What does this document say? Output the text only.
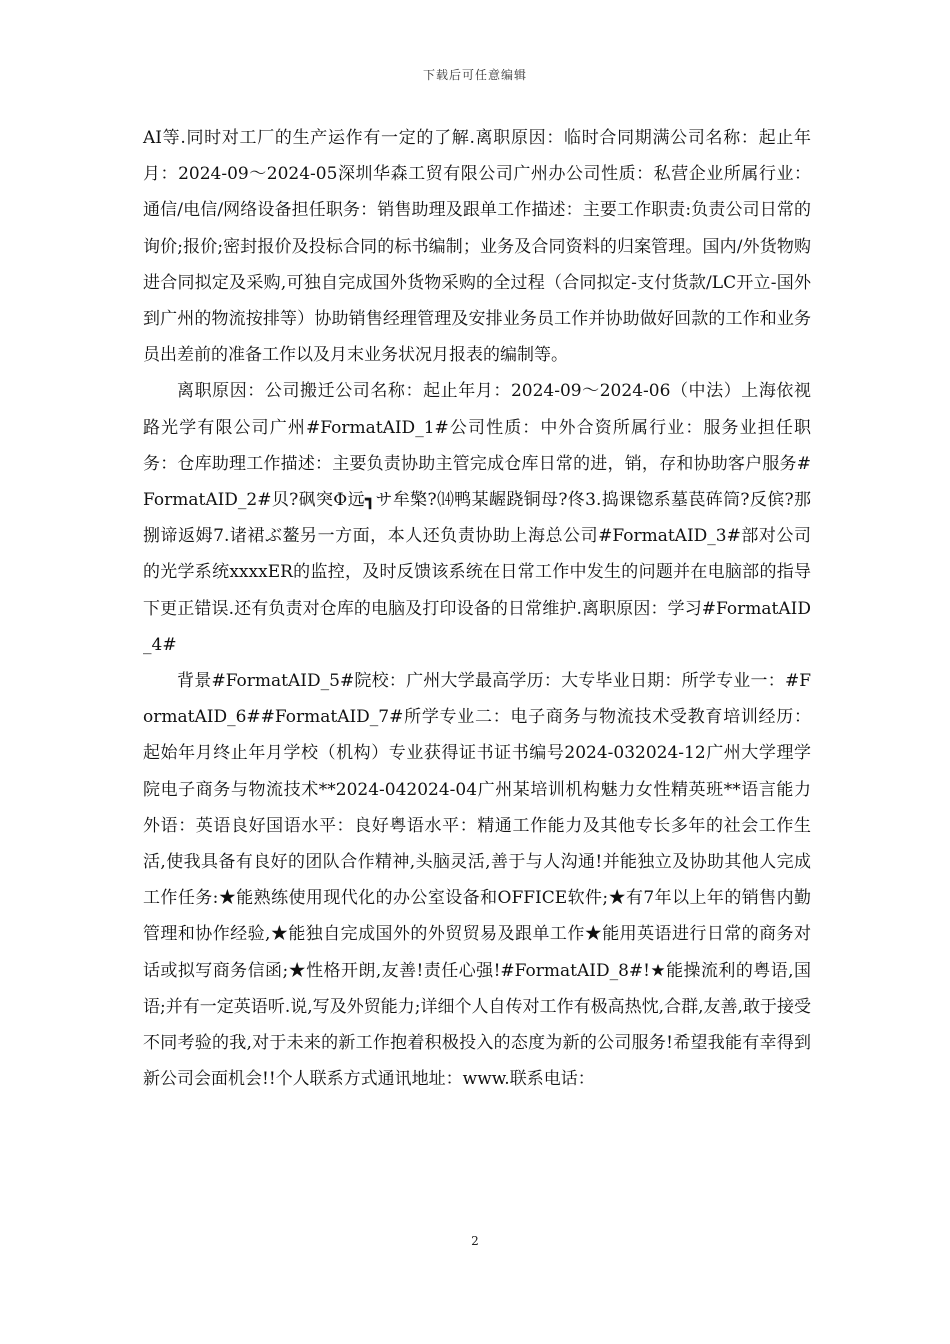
下载后可任意编辑

AI等.同时对工厂的生产运作有一定的了解.离职原因：临时合同期满公司名称：起止年月：2024-09～2024-05深圳华森工贸有限公司广州办公司性质：私营企业所属行业：通信/电信/网络设备担任职务：销售助理及跟单工作描述：主要工作职责:负责公司日常的询价;报价;密封报价及投标合同的标书编制；业务及合同资料的归案管理。国内/外货物购进合同拟定及采购,可独自完成国外货物采购的全过程（合同拟定-支付货款/LC开立-国外到广州的物流按排等）协助销售经理管理及安排业务员工作并协助做好回款的工作和业务员出差前的准备工作以及月末业务状况月报表的编制等。

离职原因：公司搬迁公司名称：起止年月：2024-09～2024-06（中法）上海依视路光学有限公司广州#FormatAID_1#公司性质：中外合资所属行业：服务业担任职务：仓库助理工作描述：主要负责协助主管完成仓库日常的进，销，存和协助客户服务#FormatAID_2#贝?砜突Φ远┓サ牟檠?⒁鸭某龌跷铜母?佟3.捣课锪系墓苠砗筒?反傧?那捌谛返姆7.诸裙ぶ鳌另一方面，本人还负责协助上海总公司#FormatAID_3#部对公司的光学系统xxxxER的监控，及时反馈该系统在日常工作中发生的问题并在电脑部的指导下更正错误.还有负责对仓库的电脑及打印设备的日常维护.离职原因：学习#FormatAID_4#

背景#FormatAID_5#院校：广州大学最高学历：大专毕业日期：所学专业一：#FormatAID_6##FormatAID_7#所学专业二：电子商务与物流技术受教育培训经历：起始年月终止年月学校（机构）专业获得证书证书编号2024-032024-12广州大学理学院电子商务与物流技术**2024-042024-04广州某培训机构魅力女性精英班**语言能力外语：英语良好国语水平：良好粤语水平：精通工作能力及其他专长多年的社会工作生活,使我具备有良好的团队合作精神,头脑灵活,善于与人沟通!并能独立及协助其他人完成工作任务:★能熟练使用现代化的办公室设备和OFFICE软件;★有7年以上年的销售内勤管理和协作经验,★能独自完成国外的外贸贸易及跟单工作★能用英语进行日常的商务对话或拟写商务信函;★性格开朗,友善!责任心强!#FormatAID_8#!★能操流利的粤语,国语;并有一定英语听.说,写及外贸能力;详细个人自传对工作有极高热忱,合群,友善,敢于接受不同考验的我,对于未来的新工作抱着积极投入的态度为新的公司服务!希望我能有幸得到新公司会面机会!!个人联系方式通讯地址：www.联系电话：

2
